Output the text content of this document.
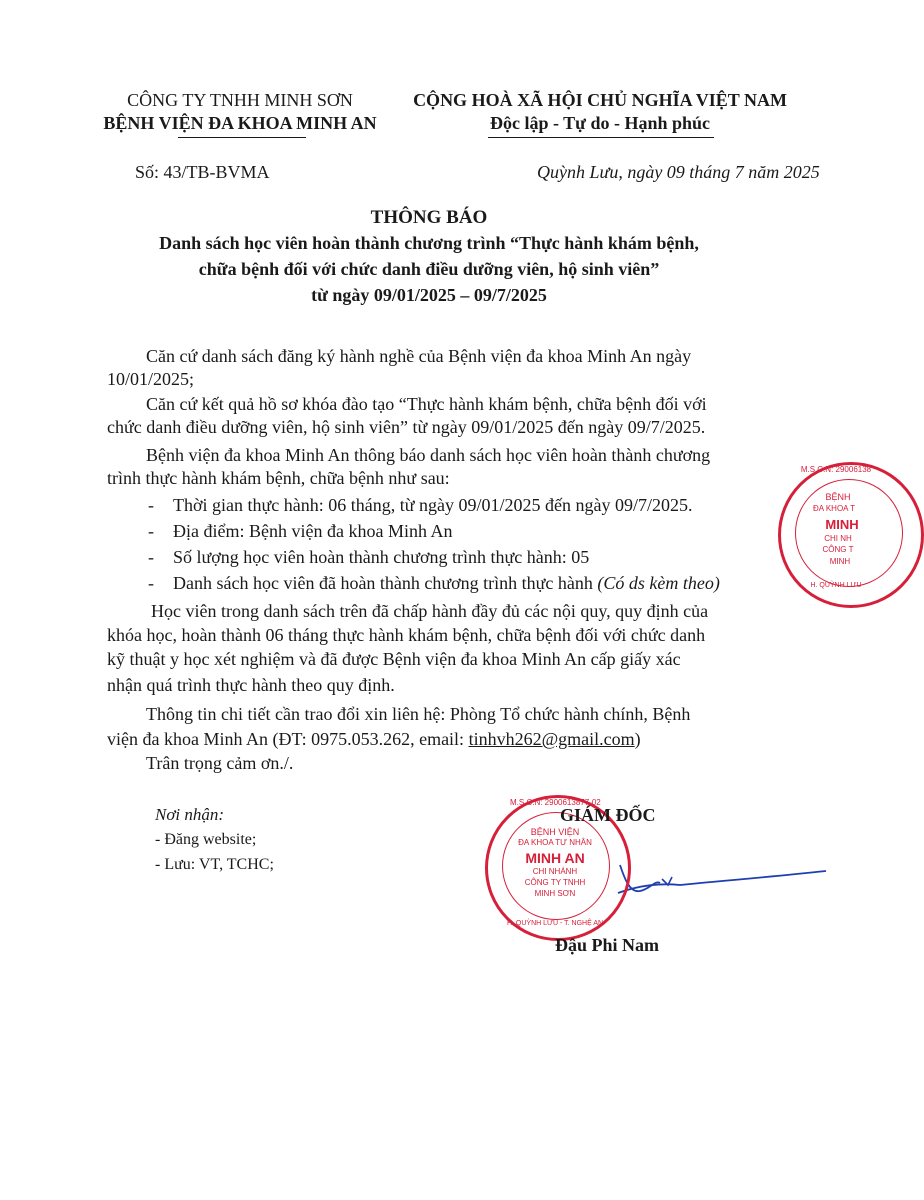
CÔNG TY TNHH MINH SƠN
BỆNH VIỆN ĐA KHOA MINH AN
CỘNG HOÀ XÃ HỘI CHỦ NGHĨA VIỆT NAM
Độc lập - Tự do - Hạnh phúc
Số: 43/TB-BVMA	Quỳnh Lưu, ngày 09 tháng 7 năm 2025
THÔNG BÁO
Danh sách học viên hoàn thành chương trình “Thực hành khám bệnh,
chữa bệnh đối với chức danh điều dưỡng viên, hộ sinh viên”
từ ngày 09/01/2025 – 09/7/2025
Căn cứ danh sách đăng ký hành nghề của Bệnh viện đa khoa Minh An ngày
10/01/2025;
Căn cứ kết quả hồ sơ khóa đào tạo “Thực hành khám bệnh, chữa bệnh đối với
chức danh điều dưỡng viên, hộ sinh viên” từ ngày 09/01/2025 đến ngày 09/7/2025.
Bệnh viện đa khoa Minh An thông báo danh sách học viên hoàn thành chương
trình thực hành khám bệnh, chữa bệnh như sau:
- Thời gian thực hành: 06 tháng, từ ngày 09/01/2025 đến ngày 09/7/2025.
- Địa điểm: Bệnh viện đa khoa Minh An
- Số lượng học viên hoàn thành chương trình thực hành: 05
- Danh sách học viên đã hoàn thành chương trình thực hành (Có ds kèm theo)
Học viên trong danh sách trên đã chấp hành đầy đủ các nội quy, quy định của
khóa học, hoàn thành 06 tháng thực hành khám bệnh, chữa bệnh đối với chức danh
kỹ thuật y học xét nghiệm và đã được Bệnh viện đa khoa Minh An cấp giấy xác
nhận quá trình thực hành theo quy định.
Thông tin chi tiết cần trao đổi xin liên hệ: Phòng Tổ chức hành chính, Bệnh
viện đa khoa Minh An (ĐT: 0975.053.262, email: tinhvh262@gmail.com)
Trân trọng cảm ơn./.
Nơi nhận:
- Đăng website;
- Lưu: VT, TCHC;
M.S.C.N: 2900613877-02
BỆNH VIỆN
ĐA KHOA TƯ NHÂN
MINH AN
CHI NHÁNH
CÔNG TY TNHH
MINH SƠN
H. QUỲNH LƯU - T. NGHỆ AN
GIÁM ĐỐC
Đậu Phi Nam
M.S.C.N: 29006138
BỆNH
ĐA KHOA T
MINH
CHI NH
CÔNG T
MINH
H. QUỲNH LƯU
